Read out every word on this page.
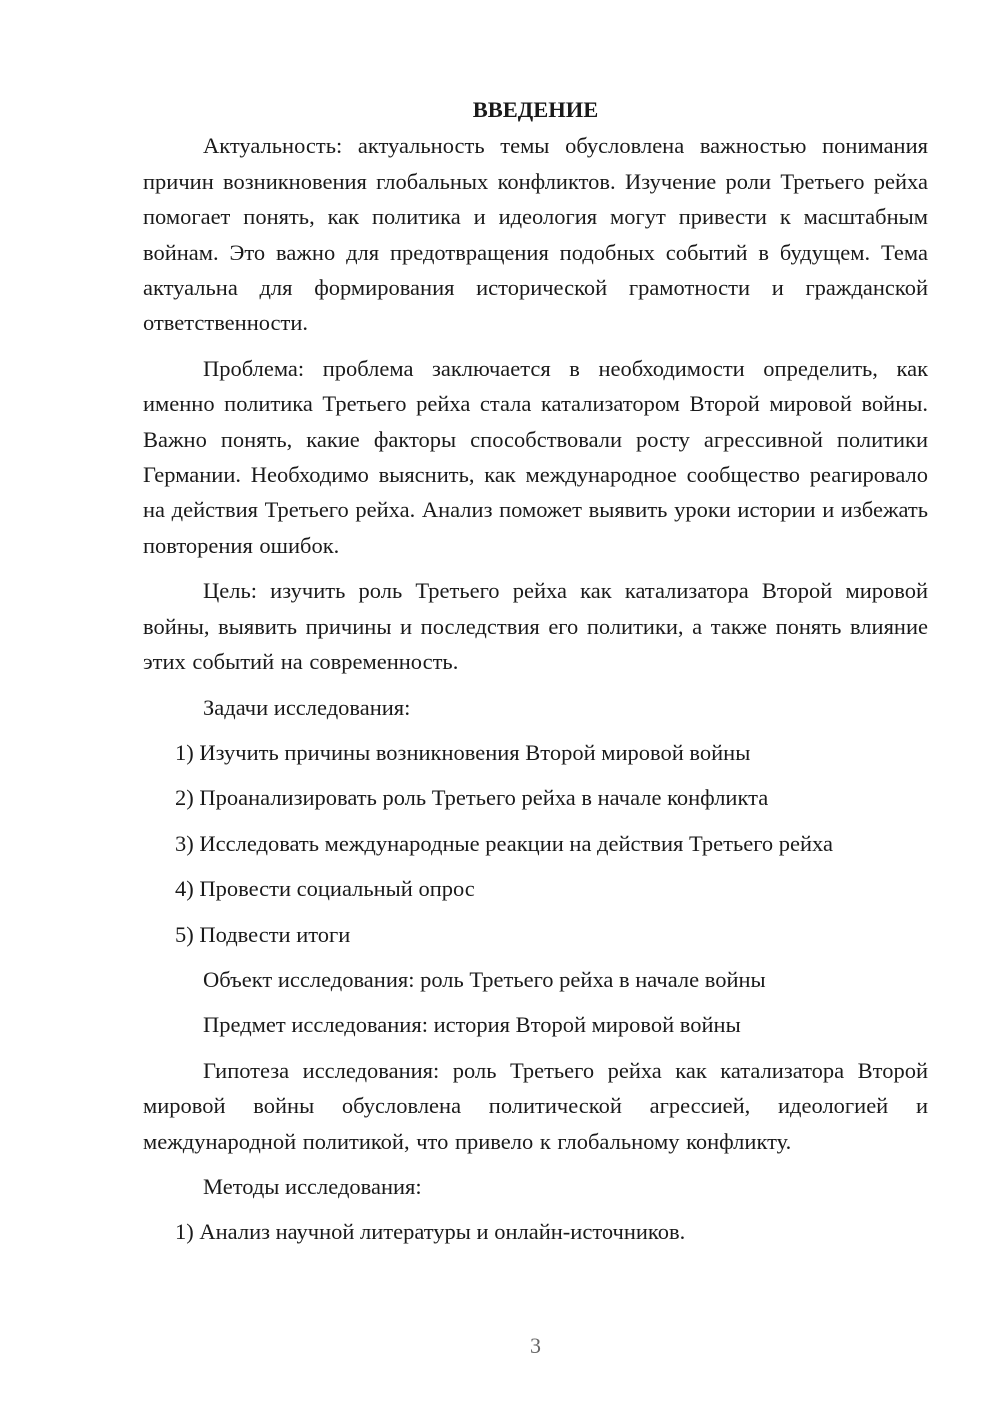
ВВЕДЕНИЕ

Актуальность: актуальность темы обусловлена важностью понимания причин возникновения глобальных конфликтов. Изучение роли Третьего рейха помогает понять, как политика и идеология могут привести к масштабным войнам. Это важно для предотвращения подобных событий в будущем. Тема актуальна для формирования исторической грамотности и гражданской ответственности.

Проблема: проблема заключается в необходимости определить, как именно политика Третьего рейха стала катализатором Второй мировой войны. Важно понять, какие факторы способствовали росту агрессивной политики Германии. Необходимо выяснить, как международное сообщество реагировало на действия Третьего рейха. Анализ поможет выявить уроки истории и избежать повторения ошибок.

Цель: изучить роль Третьего рейха как катализатора Второй мировой войны, выявить причины и последствия его политики, а также понять влияние этих событий на современность.

Задачи исследования:
1) Изучить причины возникновения Второй мировой войны
2) Проанализировать роль Третьего рейха в начале конфликта
3) Исследовать международные реакции на действия Третьего рейха
4) Провести социальный опрос
5) Подвести итоги
Объект исследования: роль Третьего рейха в начале войны
Предмет исследования: история Второй мировой войны

Гипотеза исследования: роль Третьего рейха как катализатора Второй мировой войны обусловлена политической агрессией, идеологией и международной политикой, что привело к глобальному конфликту.

Методы исследования:
1) Анализ научной литературы и онлайн-источников.
3
